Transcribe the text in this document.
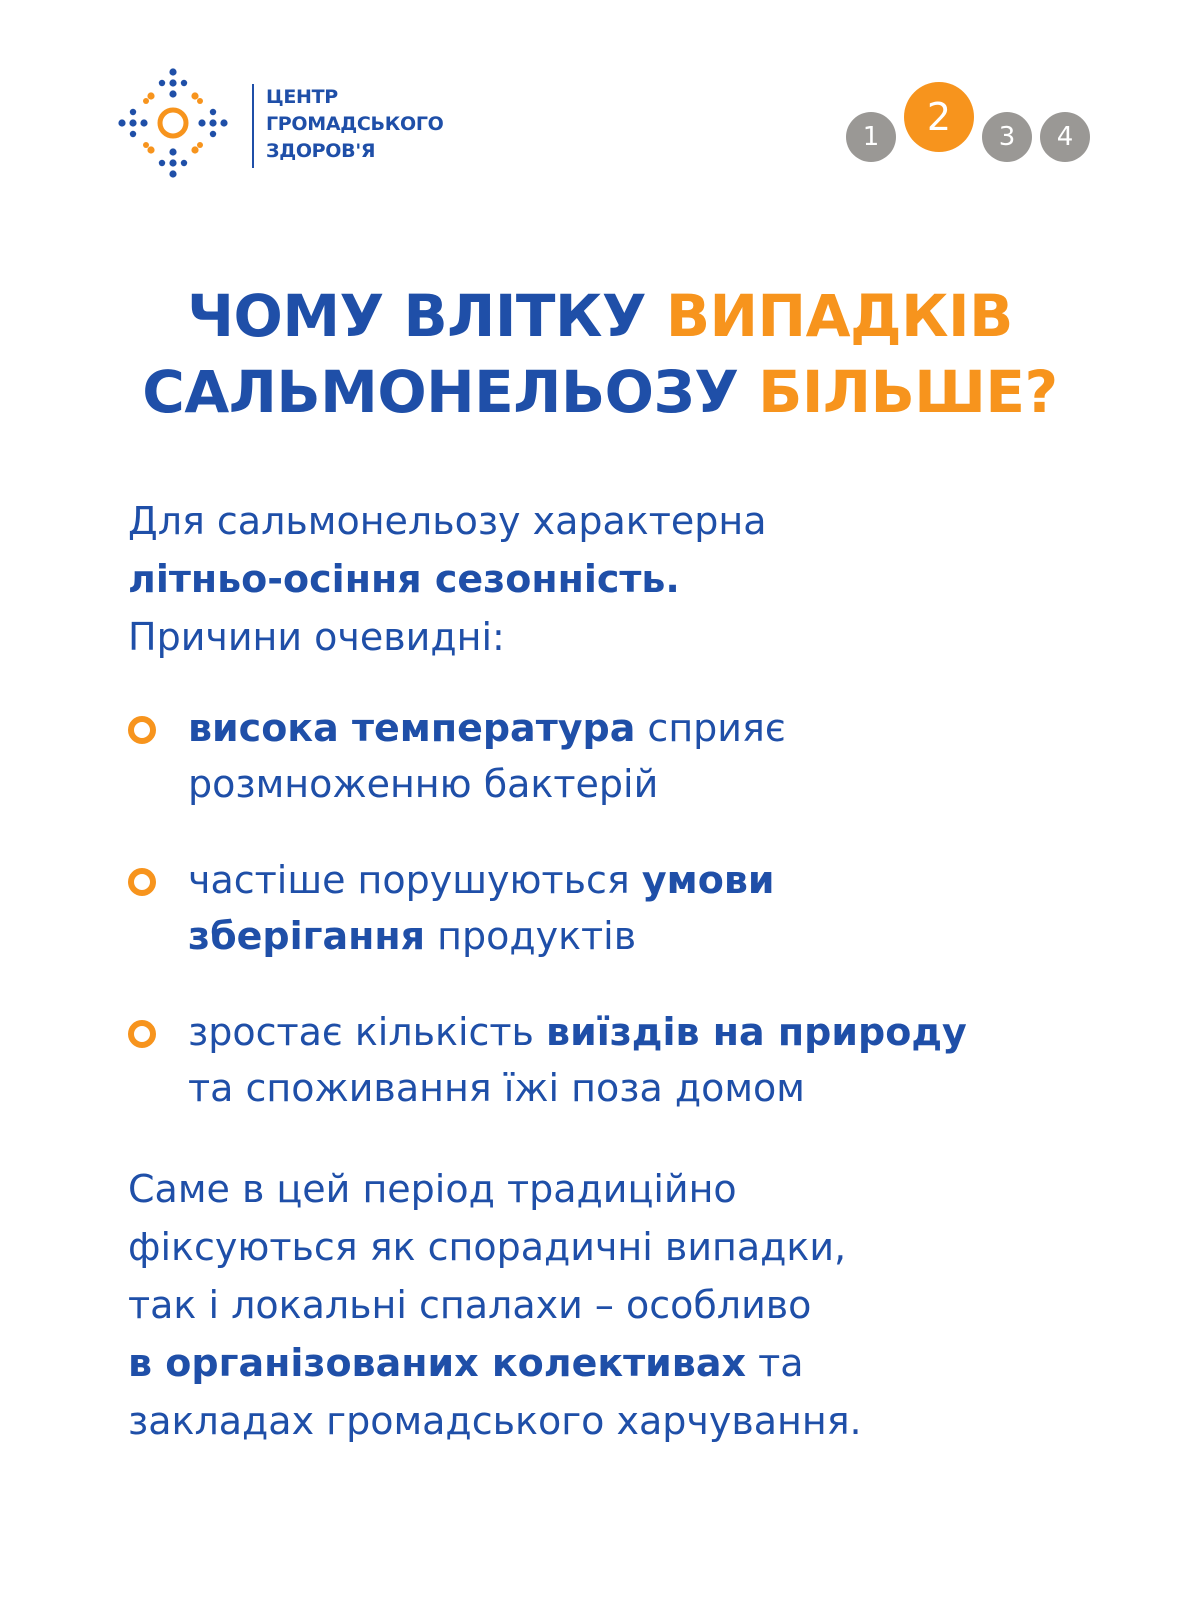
ЦЕНТР
ГРОМАДСЬКОГО
ЗДОРОВ'Я	1	2	3	4
ЧОМУ ВЛІТКУ ВИПАДКІВ
САЛЬМОНЕЛЬОЗУ БІЛЬШЕ?
Для сальмонельозу характерна
літньо-осіння сезонність.
Причини очевидні:
висока температура сприяє
розмноженню бактерій
частіше порушуються умови
зберігання продуктів
зростає кількість виїздів на природу
та споживання їжі поза домом
Саме в цей період традиційно
фіксуються як спорадичні випадки,
так і локальні спалахи – особливо
в організованих колективах та
закладах громадського харчування.
